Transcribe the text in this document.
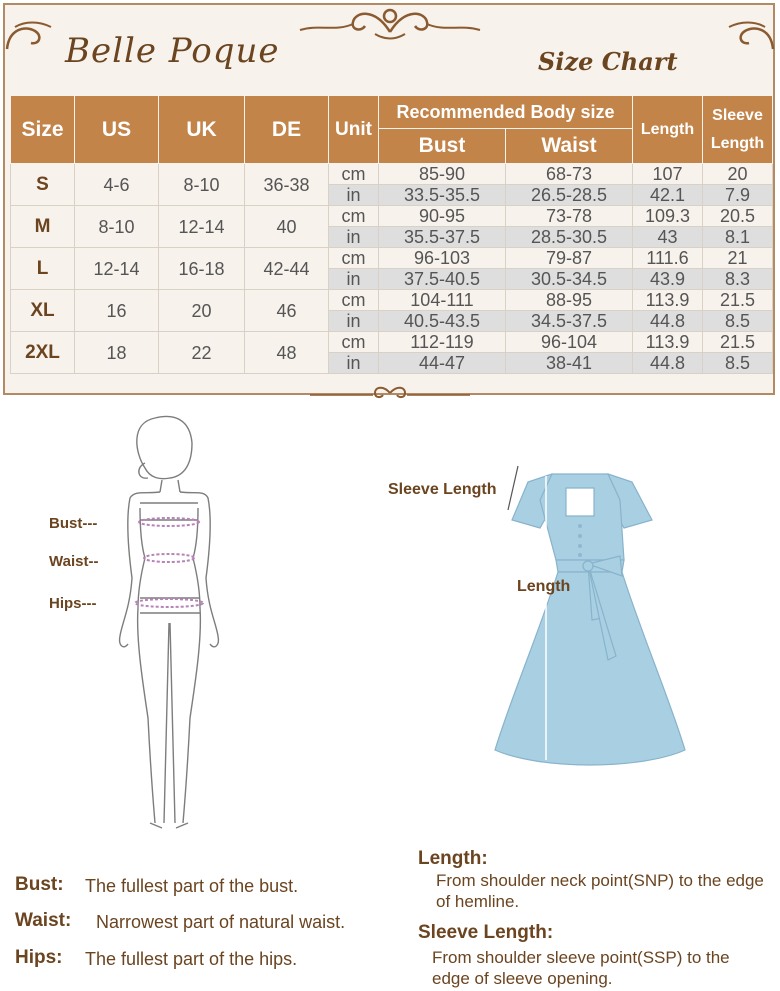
Belle Poque	Size Chart
Size	US	UK	DE	Unit	Recommended Body size		Length	Sleeve Length
					Bust	Waist		
S	4-6	8-10	36-38	cm	85-90	68-73	107	20
				in	33.5-35.5	26.5-28.5	42.1	7.9
M	8-10	12-14	40	cm	90-95	73-78	109.3	20.5
				in	35.5-37.5	28.5-30.5	43	8.1
L	12-14	16-18	42-44	cm	96-103	79-87	111.6	21
				in	37.5-40.5	30.5-34.5	43.9	8.3
XL	16	20	46	cm	104-111	88-95	113.9	21.5
				in	40.5-43.5	34.5-37.5	44.8	8.5
2XL	18	22	48	cm	112-119	96-104	113.9	21.5
				in	44-47	38-41	44.8	8.5
Bust---
Waist--
Hips---
Sleeve Length
Length
Bust: The fullest part of the bust.
Waist: Narrowest part of natural waist.
Hips: The fullest part of the hips.
Length:
From shoulder neck point(SNP) to the edge of hemline.
Sleeve Length:
From shoulder sleeve point(SSP) to the edge of sleeve opening.
